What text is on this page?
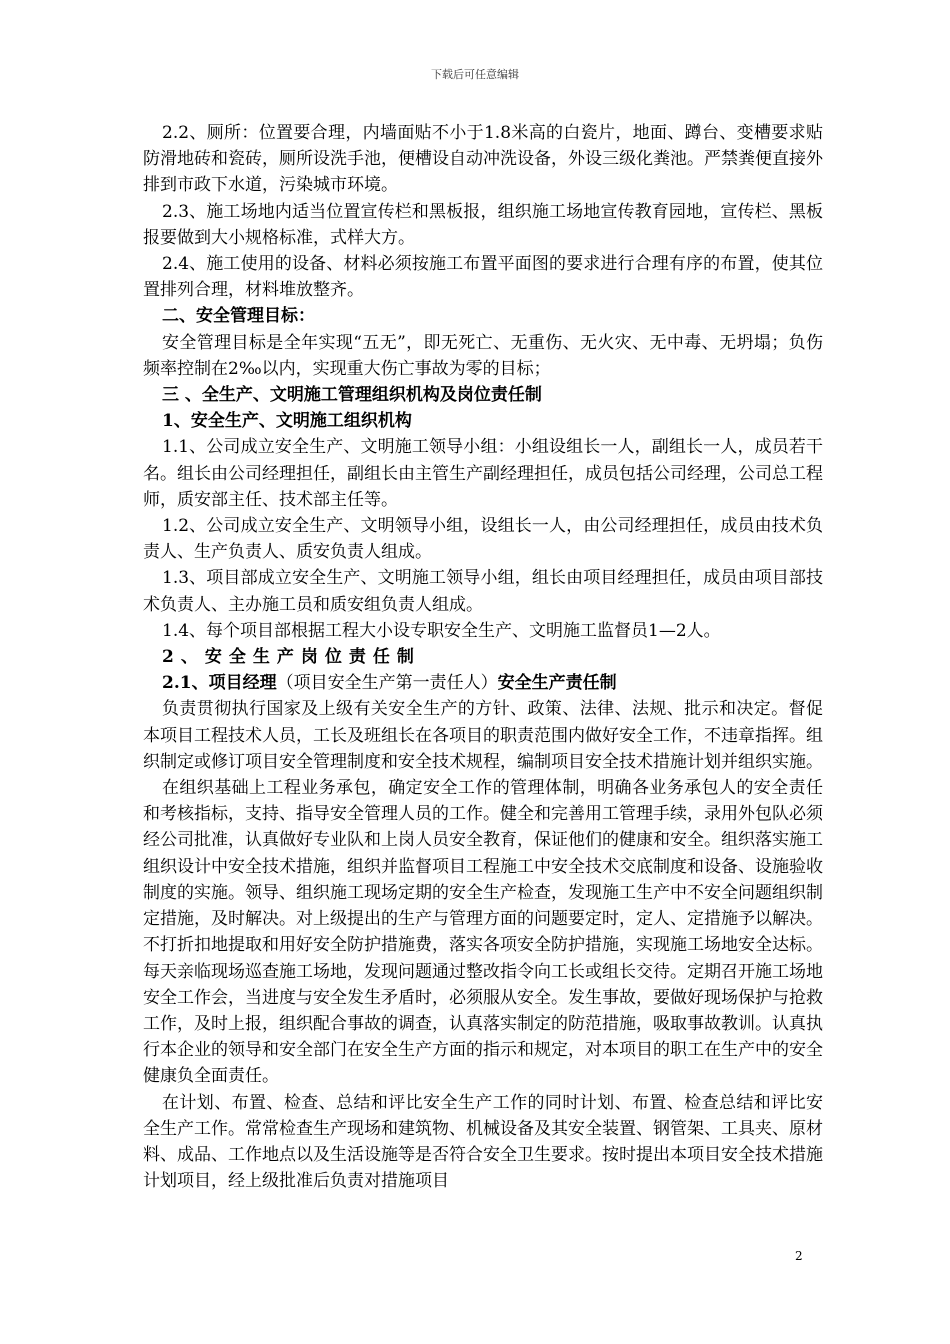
下载后可任意编辑

2.2、厕所：位置要合理，内墙面贴不小于1.8米高的白瓷片，地面、蹲台、变槽要求贴防滑地砖和瓷砖，厕所设洗手池，便槽设自动冲洗设备，外设三级化粪池。严禁粪便直接外排到市政下水道，污染城市环境。

2.3、施工场地内适当位置宣传栏和黑板报，组织施工场地宣传教育园地，宣传栏、黑板报要做到大小规格标准，式样大方。

2.4、施工使用的设备、材料必须按施工布置平面图的要求进行合理有序的布置，使其位置排列合理，材料堆放整齐。

二、安全管理目标：

安全管理目标是全年实现“五无”，即无死亡、无重伤、无火灾、无中毒、无坍塌；负伤频率控制在2‰以内，实现重大伤亡事故为零的目标；

三 、全生产、文明施工管理组织机构及岗位责任制

1、安全生产、文明施工组织机构

1.1、公司成立安全生产、文明施工领导小组：小组设组长一人，副组长一人，成员若干名。组长由公司经理担任，副组长由主管生产副经理担任，成员包括公司经理，公司总工程师，质安部主任、技术部主任等。

1.2、公司成立安全生产、文明领导小组，设组长一人，由公司经理担任，成员由技术负责人、生产负责人、质安负责人组成。

1.3、项目部成立安全生产、文明施工领导小组，组长由项目经理担任，成员由项目部技术负责人、主办施工员和质安组负责人组成。

1.4、每个项目部根据工程大小设专职安全生产、文明施工监督员1—2人。

2、安全生产岗位责任制

2.1、项目经理（项目安全生产第一责任人）安全生产责任制

负责贯彻执行国家及上级有关安全生产的方针、政策、法律、法规、批示和决定。督促本项目工程技术人员，工长及班组长在各项目的职责范围内做好安全工作，不违章指挥。组织制定或修订项目安全管理制度和安全技术规程，编制项目安全技术措施计划并组织实施。

在组织基础上工程业务承包，确定安全工作的管理体制，明确各业务承包人的安全责任和考核指标，支持、指导安全管理人员的工作。健全和完善用工管理手续，录用外包队必须经公司批准，认真做好专业队和上岗人员安全教育，保证他们的健康和安全。组织落实施工组织设计中安全技术措施，组织并监督项目工程施工中安全技术交底制度和设备、设施验收制度的实施。领导、组织施工现场定期的安全生产检查，发现施工生产中不安全问题组织制定措施，及时解决。对上级提出的生产与管理方面的问题要定时，定人、定措施予以解决。不打折扣地提取和用好安全防护措施费，落实各项安全防护措施，实现施工场地安全达标。每天亲临现场巡查施工场地，发现问题通过整改指令向工长或组长交待。定期召开施工场地安全工作会，当进度与安全发生矛盾时，必须服从安全。发生事故，要做好现场保护与抢救工作，及时上报，组织配合事故的调查，认真落实制定的防范措施，吸取事故教训。认真执行本企业的领导和安全部门在安全生产方面的指示和规定，对本项目的职工在生产中的安全健康负全面责任。

在计划、布置、检查、总结和评比安全生产工作的同时计划、布置、检查总结和评比安全生产工作。常常检查生产现场和建筑物、机械设备及其安全装置、钢管架、工具夹、原材料、成品、工作地点以及生活设施等是否符合安全卫生要求。按时提出本项目安全技术措施计划项目，经上级批准后负责对措施项目

2
